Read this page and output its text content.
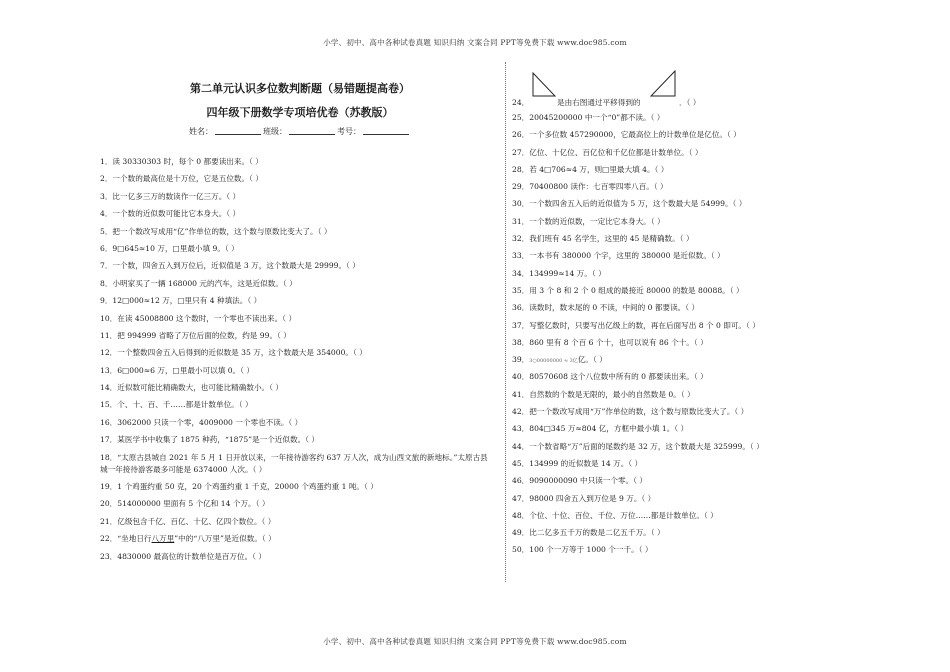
小学、初中、高中各种试卷真题 知识归纳 文案合同 PPT等免费下载 www.doc985.com
第二单元认识多位数判断题（易错题提高卷）
四年级下册数学专项培优卷（苏教版）
姓名：	班级：	考号：
1．读 30330303 时，每个 0 都要读出来。（ ）
2．一个数的最高位是十万位，它是五位数。（ ）
3．比一亿多三万的数读作一亿三万。（ ）
4．一个数的近似数可能比它本身大。（ ）
5．把一个数改写成用“亿”作单位的数，这个数与原数比变大了。（ ）
6．9□645≈10 万，□里最小填 9。（ ）
7．一个数，四舍五入到万位后，近似值是 3 万，这个数最大是 29999。（ ）
8．小明家买了一辆 168000 元的汽车，这是近似数。（ ）
9．12□000≈12 万，□里只有 4 种填法。（ ）
10．在读 45008800 这个数时，一个零也不读出来。（ ）
11．把 994999 省略了万位后面的位数，约是 99。（ ）
12．一个整数四舍五入后得到的近似数是 35 万，这个数最大是 354000。（ ）
13．6□000≈6 万，□里最小可以填 0。（ ）
14．近似数可能比精确数大，也可能比精确数小。（ ）
15．个、十、百、千……都是计数单位。（ ）
16．3062000 只读一个零，4009000 一个零也不读。（ ）
17．某医学书中收集了 1875 种药，“1875”是一个近似数。（ ）
18．“太原古县城自 2021 年 5 月 1 日开放以来，一年接待游客约 637 万人次，成为山西文旅的新地标。”太原古县城一年接待游客最多可能是 6374000 人次。（ ）
19．1 个鸡蛋约重 50 克，20 个鸡蛋约重 1 千克，20000 个鸡蛋约重 1 吨。（ ）
20．514000000 里面有 5 个亿和 14 个万。（ ）
21．亿级包含千亿、百亿、十亿、亿四个数位。（ ）
22．“坐地日行八万里”中的“八万里”是近似数。（ ）
23．4830000 最高位的计数单位是百万位。（ ）
24．	是由右图通过平移得到的	．（ ）
25．20045200000 中一个“0”都不读。（ ）
26．一个多位数 457290000，它最高位上的计数单位是亿位。（ ）
27．亿位、十亿位、百亿位和千亿位都是计数单位。（ ）
28．若 4□706≈4 万，则□里最大填 4。（ ）
29．70400800 读作：七百零四零八百。（ ）
30．一个数四舍五入后的近似值为 5 万，这个数最大是 54999。（ ）
31．一个数的近似数，一定比它本身大。（ ）
32．我们班有 45 名学生，这里的 45 是精确数。（ ）
33．一本书有 380000 个字，这里的 380000 是近似数。（ ）
34．134999≈14 万。（ ）
35．用 3 个 8 和 2 个 0 组成的最接近 80000 的数是 80088。（ ）
36．读数时，数末尾的 0 不读，中间的 0 都要读。（ ）
37．写整亿数时，只要写出亿级上的数，再在后面写出 8 个 0 即可。（ ）
38．860 里有 8 个百 6 个十，也可以说有 86 个十。（ ）
39．3○00000000 ≈ 3亿亿。（ ）
40．80570608 这个八位数中所有的 0 都要读出来。（ ）
41．自然数的个数是无限的，最小的自然数是 0。（ ）
42．把一个数改写成用“万”作单位的数，这个数与原数比变大了。（ ）
43．804□345 万≈804 亿，方框中最小填 1。（ ）
44．一个数省略“万”后面的尾数约是 32 万，这个数最大是 325999。（ ）
45．134999 的近似数是 14 万。（ ）
46．9090000090 中只读一个零。（ ）
47．98000 四舍五入到万位是 9 万。（ ）
48．个位、十位、百位、千位、万位……都是计数单位。（ ）
49．比二亿多五千万的数是二亿五千万。（ ）
50．100 个一万等于 1000 个一千。（ ）
小学、初中、高中各种试卷真题 知识归纳 文案合同 PPT等免费下载 www.doc985.com
